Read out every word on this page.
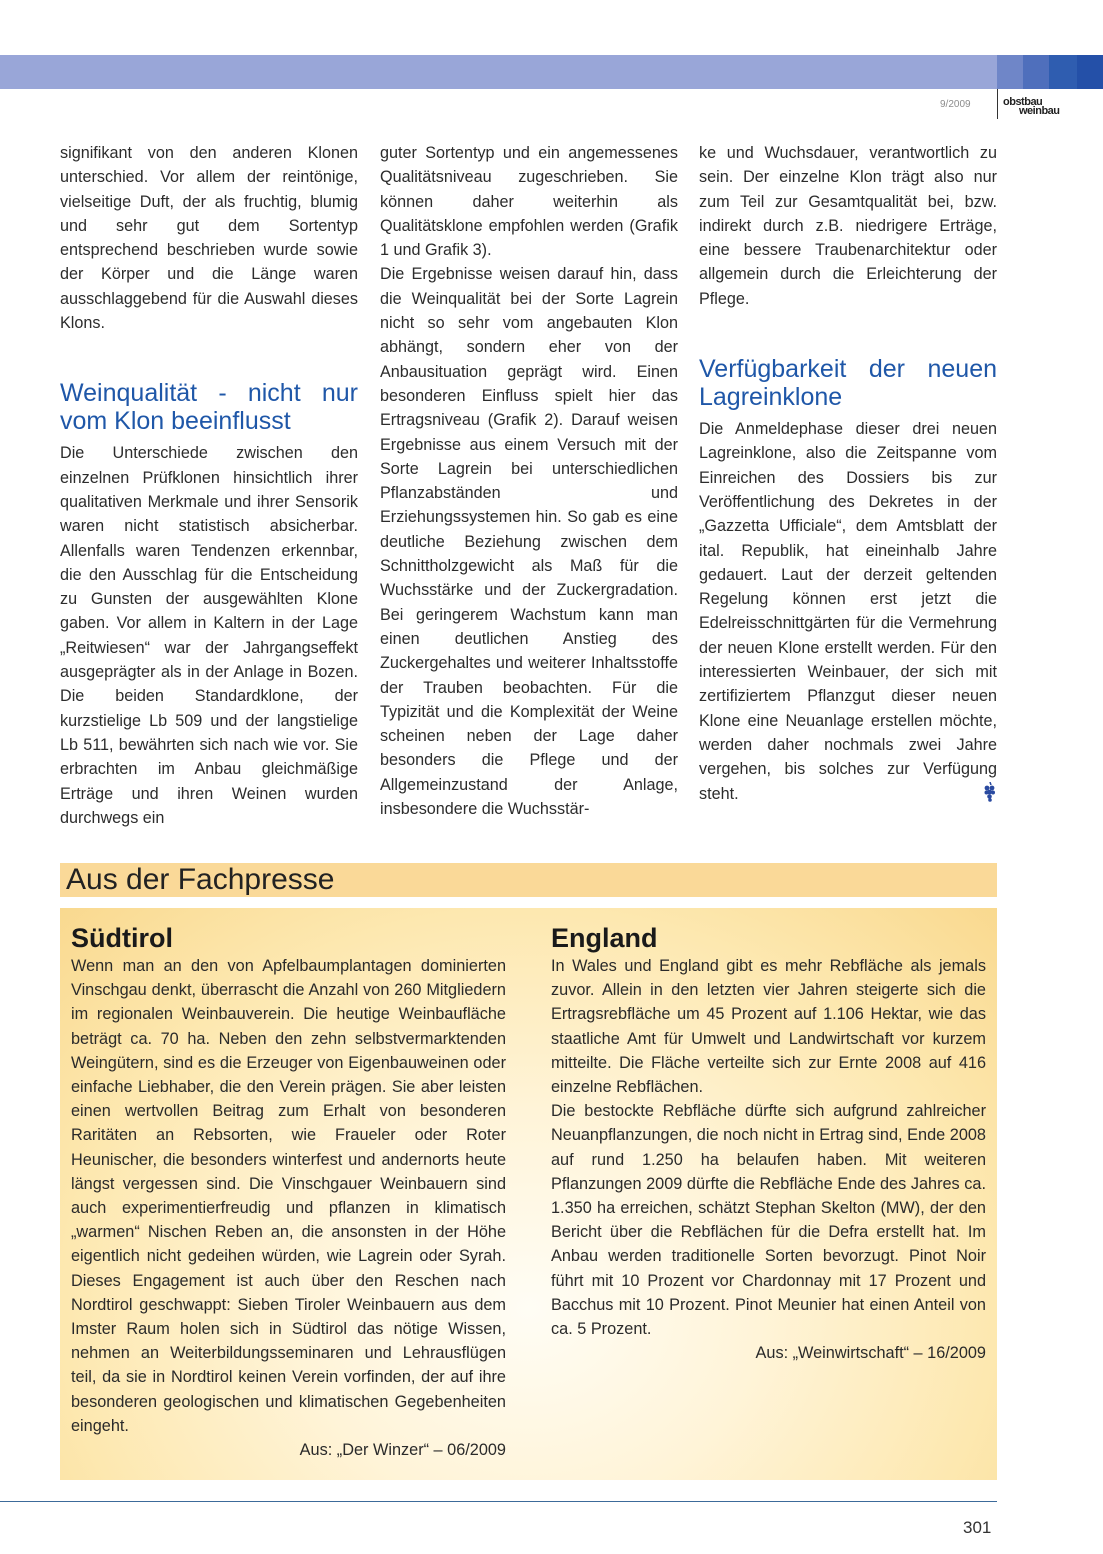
9/2009	obstbau
weinbau

signifikant von den anderen Klonen unterschied. Vor allem der reintönige, vielseitige Duft, der als fruchtig, blumig und sehr gut dem Sortentyp entsprechend beschrieben wurde sowie der Körper und die Länge waren ausschlaggebend für die Auswahl dieses Klons.

Weinqualität - nicht nur vom Klon beeinflusst

Die Unterschiede zwischen den einzelnen Prüfklonen hinsichtlich ihrer qualitativen Merkmale und ihrer Sensorik waren nicht statistisch absicherbar. Allenfalls waren Tendenzen erkennbar, die den Ausschlag für die Entscheidung zu Gunsten der ausgewählten Klone gaben. Vor allem in Kaltern in der Lage „Reitwiesen“ war der Jahrgangseffekt ausgeprägter als in der Anlage in Bozen. Die beiden Standardklone, der kurzstielige Lb 509 und der langstielige Lb 511, bewährten sich nach wie vor. Sie erbrachten im Anbau gleichmäßige Erträge und ihren Weinen wurden durchwegs ein

guter Sortentyp und ein angemessenes Qualitätsniveau zugeschrieben. Sie können daher weiterhin als Qualitätsklone empfohlen werden (Grafik 1 und Grafik 3).

Die Ergebnisse weisen darauf hin, dass die Weinqualität bei der Sorte Lagrein nicht so sehr vom angebauten Klon abhängt, sondern eher von der Anbausituation geprägt wird. Einen besonderen Einfluss spielt hier das Ertragsniveau (Grafik 2). Darauf weisen Ergebnisse aus einem Versuch mit der Sorte Lagrein bei unterschiedlichen Pflanzabständen und Erziehungssystemen hin. So gab es eine deutliche Beziehung zwischen dem Schnittholzgewicht als Maß für die Wuchsstärke und der Zuckergradation. Bei geringerem Wachstum kann man einen deutlichen Anstieg des Zuckergehaltes und weiterer Inhaltsstoffe der Trauben beobachten. Für die Typizität und die Komplexität der Weine scheinen neben der Lage daher besonders die Pflege und der Allgemeinzustand der Anlage, insbesondere die Wuchsstär-

ke und Wuchsdauer, verantwortlich zu sein. Der einzelne Klon trägt also nur zum Teil zur Gesamtqualität bei, bzw. indirekt durch z.B. niedrigere Erträge, eine bessere Traubenarchitektur oder allgemein durch die Erleichterung der Pflege.

Verfügbarkeit der neuen Lagreinklone

Die Anmeldephase dieser drei neuen Lagreinklone, also die Zeitspanne vom Einreichen des Dossiers bis zur Veröffentlichung des Dekretes in der „Gazzetta Ufficiale“, dem Amtsblatt der ital. Republik, hat eineinhalb Jahre gedauert. Laut der derzeit geltenden Regelung können erst jetzt die Edelreisschnittgärten für die Vermehrung der neuen Klone erstellt werden. Für den interessierten Weinbauer, der sich mit zertifiziertem Pflanzgut dieser neuen Klone eine Neuanlage erstellen möchte, werden daher nochmals zwei Jahre vergehen, bis solches zur Verfügung steht.

Aus der Fachpresse
Südtirol

Wenn man an den von Apfelbaumplantagen dominierten Vinschgau denkt, überrascht die Anzahl von 260 Mitgliedern im regionalen Weinbauverein. Die heutige Weinbaufläche beträgt ca. 70 ha. Neben den zehn selbstvermarktenden Weingütern, sind es die Erzeuger von Eigenbauweinen oder einfache Liebhaber, die den Verein prägen. Sie aber leisten einen wertvollen Beitrag zum Erhalt von besonderen Raritäten an Rebsorten, wie Fraueler oder Roter Heunischer, die besonders winterfest und andernorts heute längst vergessen sind. Die Vinschgauer Weinbauern sind auch experimentierfreudig und pflanzen in klimatisch „warmen“ Nischen Reben an, die ansonsten in der Höhe eigentlich nicht gedeihen würden, wie Lagrein oder Syrah. Dieses Engagement ist auch über den Reschen nach Nordtirol geschwappt: Sieben Tiroler Weinbauern aus dem Imster Raum holen sich in Südtirol das nötige Wissen, nehmen an Weiterbildungsseminaren und Lehrausflügen teil, da sie in Nordtirol keinen Verein vorfinden, der auf ihre besonderen geologischen und klimatischen Gegebenheiten eingeht.

Aus: „Der Winzer“ – 06/2009

England

In Wales und England gibt es mehr Rebfläche als jemals zuvor. Allein in den letzten vier Jahren steigerte sich die Ertragsrebfläche um 45 Prozent auf 1.106 Hektar, wie das staatliche Amt für Umwelt und Landwirtschaft vor kurzem mitteilte. Die Fläche verteilte sich zur Ernte 2008 auf 416 einzelne Rebflächen.

Die bestockte Rebfläche dürfte sich aufgrund zahlreicher Neuanpflanzungen, die noch nicht in Ertrag sind, Ende 2008 auf rund 1.250 ha belaufen haben. Mit weiteren Pflanzungen 2009 dürfte die Rebfläche Ende des Jahres ca. 1.350 ha erreichen, schätzt Stephan Skelton (MW), der den Bericht über die Rebflächen für die Defra erstellt hat. Im Anbau werden traditionelle Sorten bevorzugt. Pinot Noir führt mit 10 Prozent vor Chardonnay mit 17 Prozent und Bacchus mit 10 Prozent. Pinot Meunier hat einen Anteil von ca. 5 Prozent.

Aus: „Weinwirtschaft“ – 16/2009

301
